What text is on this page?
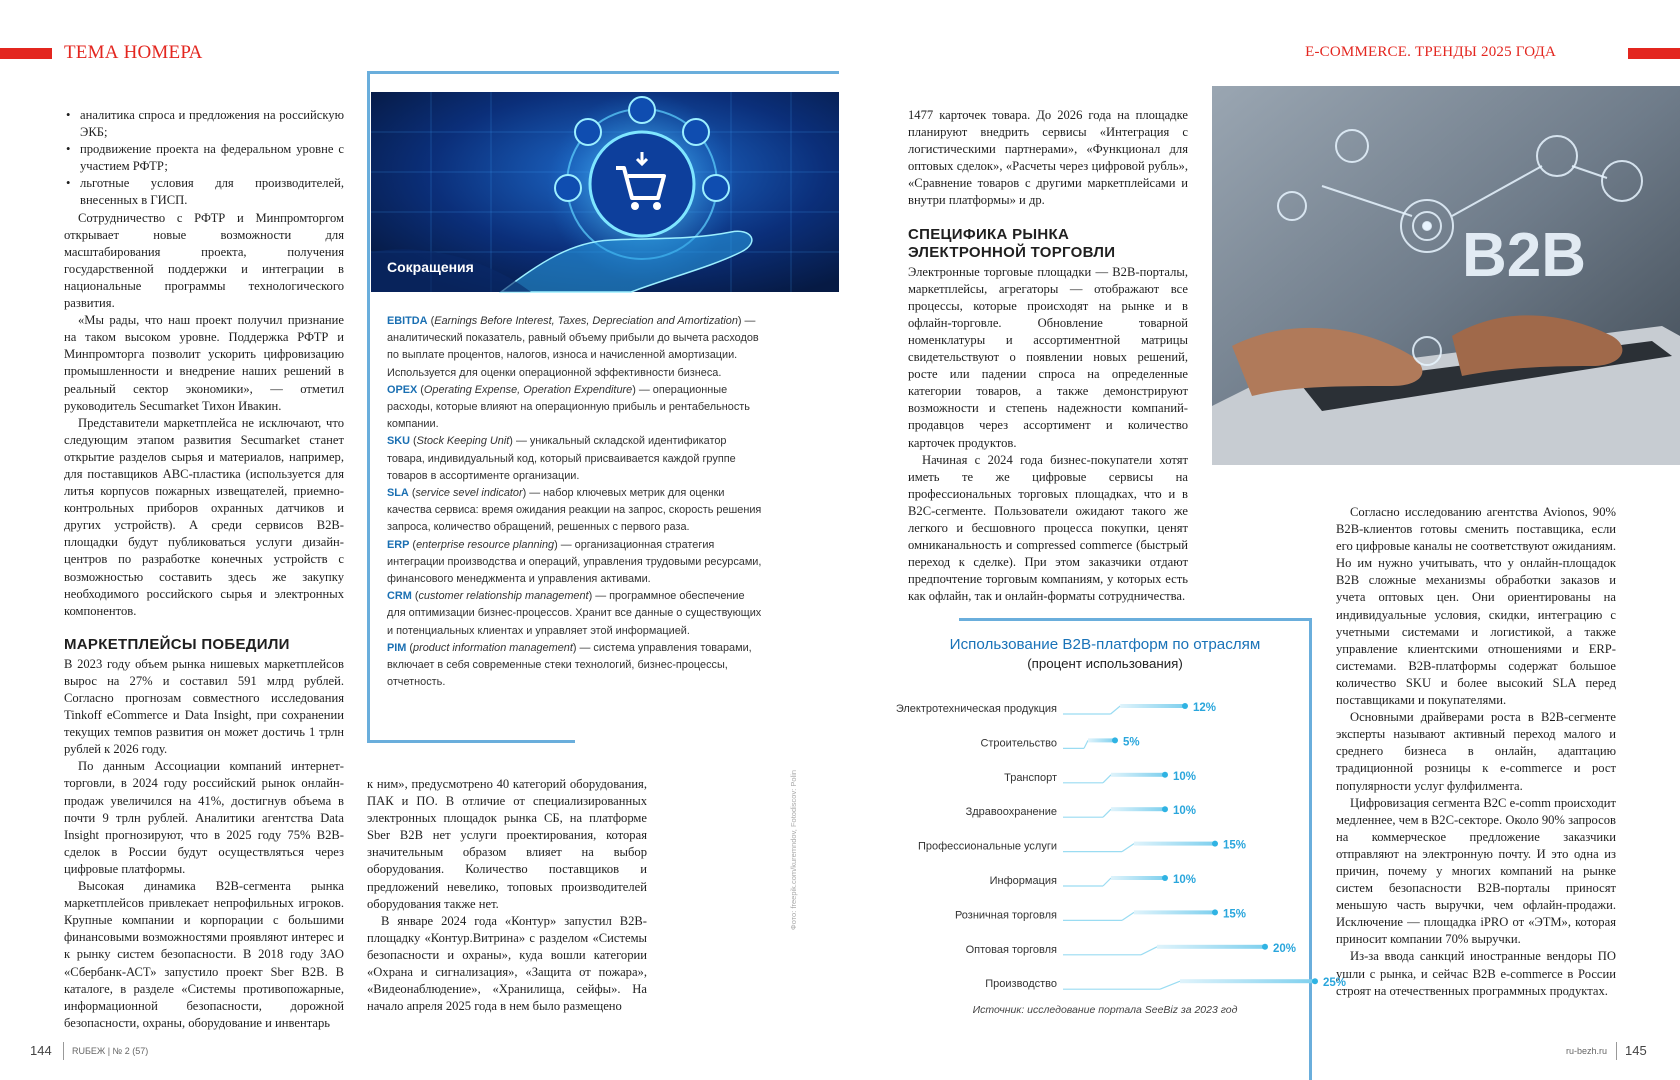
ТЕМА НОМЕРА	E-COMMERCE. ТРЕНДЫ 2025 ГОДА
• аналитика спроса и предложения на российскую ЭКБ;
• продвижение проекта на федеральном уровне с участием РФТР;
• льготные условия для производителей, внесенных в ГИСП.

Сотрудничество с РФТР и Минпромторгом открывает новые возможности для масштабирования проекта, получения государственной поддержки и интеграции в национальные программы технологического развития.

«Мы рады, что наш проект получил признание на таком высоком уровне. Поддержка РФТР и Минпромторга позволит ускорить цифровизацию промышленности и внедрение наших решений в реальный сектор экономики», — отметил руководитель Secumarket Тихон Ивакин.

Представители маркетплейса не исключают, что следующим этапом развития Secumarket станет открытие разделов сырья и материалов, например, для поставщиков ABC-пластика (используется для литья корпусов пожарных извещателей, приемно-контрольных приборов охранных датчиков и других устройств). А среди сервисов B2B-площадки будут публиковаться услуги дизайн-центров по разработке конечных устройств с возможностью составить здесь же закупку необходимого российского сырья и электронных компонентов.

МАРКЕТПЛЕЙСЫ ПОБЕДИЛИ

В 2023 году объем рынка нишевых маркетплейсов вырос на 27% и составил 591 млрд рублей. Согласно прогнозам совместного исследования Tinkoff eCommerce и Data Insight, при сохранении текущих темпов развития он может достичь 1 трлн рублей к 2026 году.

По данным Ассоциации компаний интернет-торговли, в 2024 году российский рынок онлайн-продаж увеличился на 41%, достигнув объема в почти 9 трлн рублей. Аналитики агентства Data Insight прогнозируют, что в 2025 году 75% B2B-сделок в России будут осуществляться через цифровые платформы.

Высокая динамика B2B-сегмента рынка маркетплейсов привлекает непрофильных игроков. Крупные компании и корпорации с большими финансовыми возможностями проявляют интерес и к рынку систем безопасности. В 2018 году ЗАО «Сбербанк-АСТ» запустило проект Sber B2B. В каталоге, в разделе «Системы противопожарные, информационной безопасности, дорожной безопасности, охраны, оборудование и инвентарь

Сокращения

EBITDA (Earnings Before Interest, Taxes, Depreciation and Amortization) — аналитический показатель, равный объему прибыли до вычета расходов по выплате процентов, налогов, износа и начисленной амортизации. Используется для оценки операционной эффективности бизнеса.

OPEX (Operating Expense, Operation Expenditure) — операционные расходы, которые влияют на операционную прибыль и рентабельность компании.

SKU (Stock Keeping Unit) — уникальный складской идентификатор товара, индивидуальный код, который присваивается каждой группе товаров в ассортименте организации.

SLA (service sevel indicator) — набор ключевых метрик для оценки качества сервиса: время ожидания реакции на запрос, скорость решения запроса, количество обращений, решенных с первого раза.

ERP (enterprise resource planning) — организационная стратегия интеграции производства и операций, управления трудовыми ресурсами, финансового менеджмента и управления активами.

CRM (customer relationship management) — программное обеспечение для оптимизации бизнес-процессов. Хранит все данные о существующих и потенциальных клиентах и управляет этой информацией.

PIM (product information management) — система управления товарами, включает в себя современные стеки технологий, бизнес-процессы, отчетность.

к ним», предусмотрено 40 категорий оборудования, ПАК и ПО. В отличие от специализированных электронных площадок рынка СБ, на платформе Sber B2B нет услуги проектирования, которая значительным образом влияет на выбор оборудования. Количество поставщиков и предложений невелико, топовых производителей оборудования также нет.

В январе 2024 года «Контур» запустил B2B-площадку «Контур.Витрина» с разделом «Системы безопасности и охраны», куда вошли категории «Охрана и сигнализация», «Защита от пожара», «Видеонаблюдение», «Хранилища, сейфы». На начало апреля 2025 года в нем было размещено

Фото: freepik.com/kuremndov, Fotodiscov: Polin

1477 карточек товара. До 2026 года на площадке планируют внедрить сервисы «Интеграция с логистическими партнерами», «Функционал для оптовых сделок», «Расчеты через цифровой рубль», «Сравнение товаров с другими маркетплейсами и внутри платформы» и др.

СПЕЦИФИКА РЫНКА ЭЛЕКТРОННОЙ ТОРГОВЛИ

Электронные торговые площадки — B2B-порталы, маркетплейсы, агрегаторы — отображают все процессы, которые происходят на рынке и в офлайн-торговле. Обновление товарной номенклатуры и ассортиментной матрицы свидетельствуют о появлении новых решений, росте или падении спроса на определенные категории товаров, а также демонстрируют возможности и степень надежности компаний-продавцов через ассортимент и количество карточек продуктов.

Начиная с 2024 года бизнес-покупатели хотят иметь те же цифровые сервисы на профессиональных торговых площадках, что и в B2C-сегменте. Пользователи ожидают такого же легкого и бесшовного процесса покупки, ценят омниканальность и compressed commerce (быстрый переход к сделке). При этом заказчики отдают предпочтение торговым компаниям, у которых есть как офлайн, так и онлайн-форматы сотрудничества.

B2B
Использование B2B-платформ по отраслям
(процент использования)
Электротехническая продукция	12%
Строительство	5%
Транспорт	10%
Здравоохранение	10%
Профессиональные услуги	15%
Информация	10%
Розничная торговля	15%
Оптовая торговля	20%
Производство	25%
Источник: исследование портала SeeBiz за 2023 год

Согласно исследованию агентства Avionos, 90% B2B-клиентов готовы сменить поставщика, если его цифровые каналы не соответствуют ожиданиям. Но им нужно учитывать, что у онлайн-площадок B2B сложные механизмы обработки заказов и учета оптовых цен. Они ориентированы на индивидуальные условия, скидки, интеграцию с учетными системами и логистикой, а также управление клиентскими отношениями и ERP-системами. B2B-платформы содержат большое количество SKU и более высокий SLA перед поставщиками и покупателями.

Основными драйверами роста в B2B-сегменте эксперты называют активный переход малого и среднего бизнеса в онлайн, адаптацию традиционной розницы к e-commerce и рост популярности услуг фулфилмента.

Цифровизация сегмента B2C e-comm происходит медленнее, чем в B2C-секторе. Около 90% запросов на коммерческое предложение заказчики отправляют на электронную почту. И это одна из причин, почему у многих компаний на рынке систем безопасности B2B-порталы приносят меньшую часть выручки, чем офлайн-продажи. Исключение — площадка iPRO от «ЭТМ», которая приносит компании 70% выручки.

Из-за ввода санкций иностранные вендоры ПО ушли с рынка, и сейчас B2B e-commerce в России строят на отечественных программных продуктах.

144 RUБЕЖ | № 2 (57)	ru-bezh.ru 145
